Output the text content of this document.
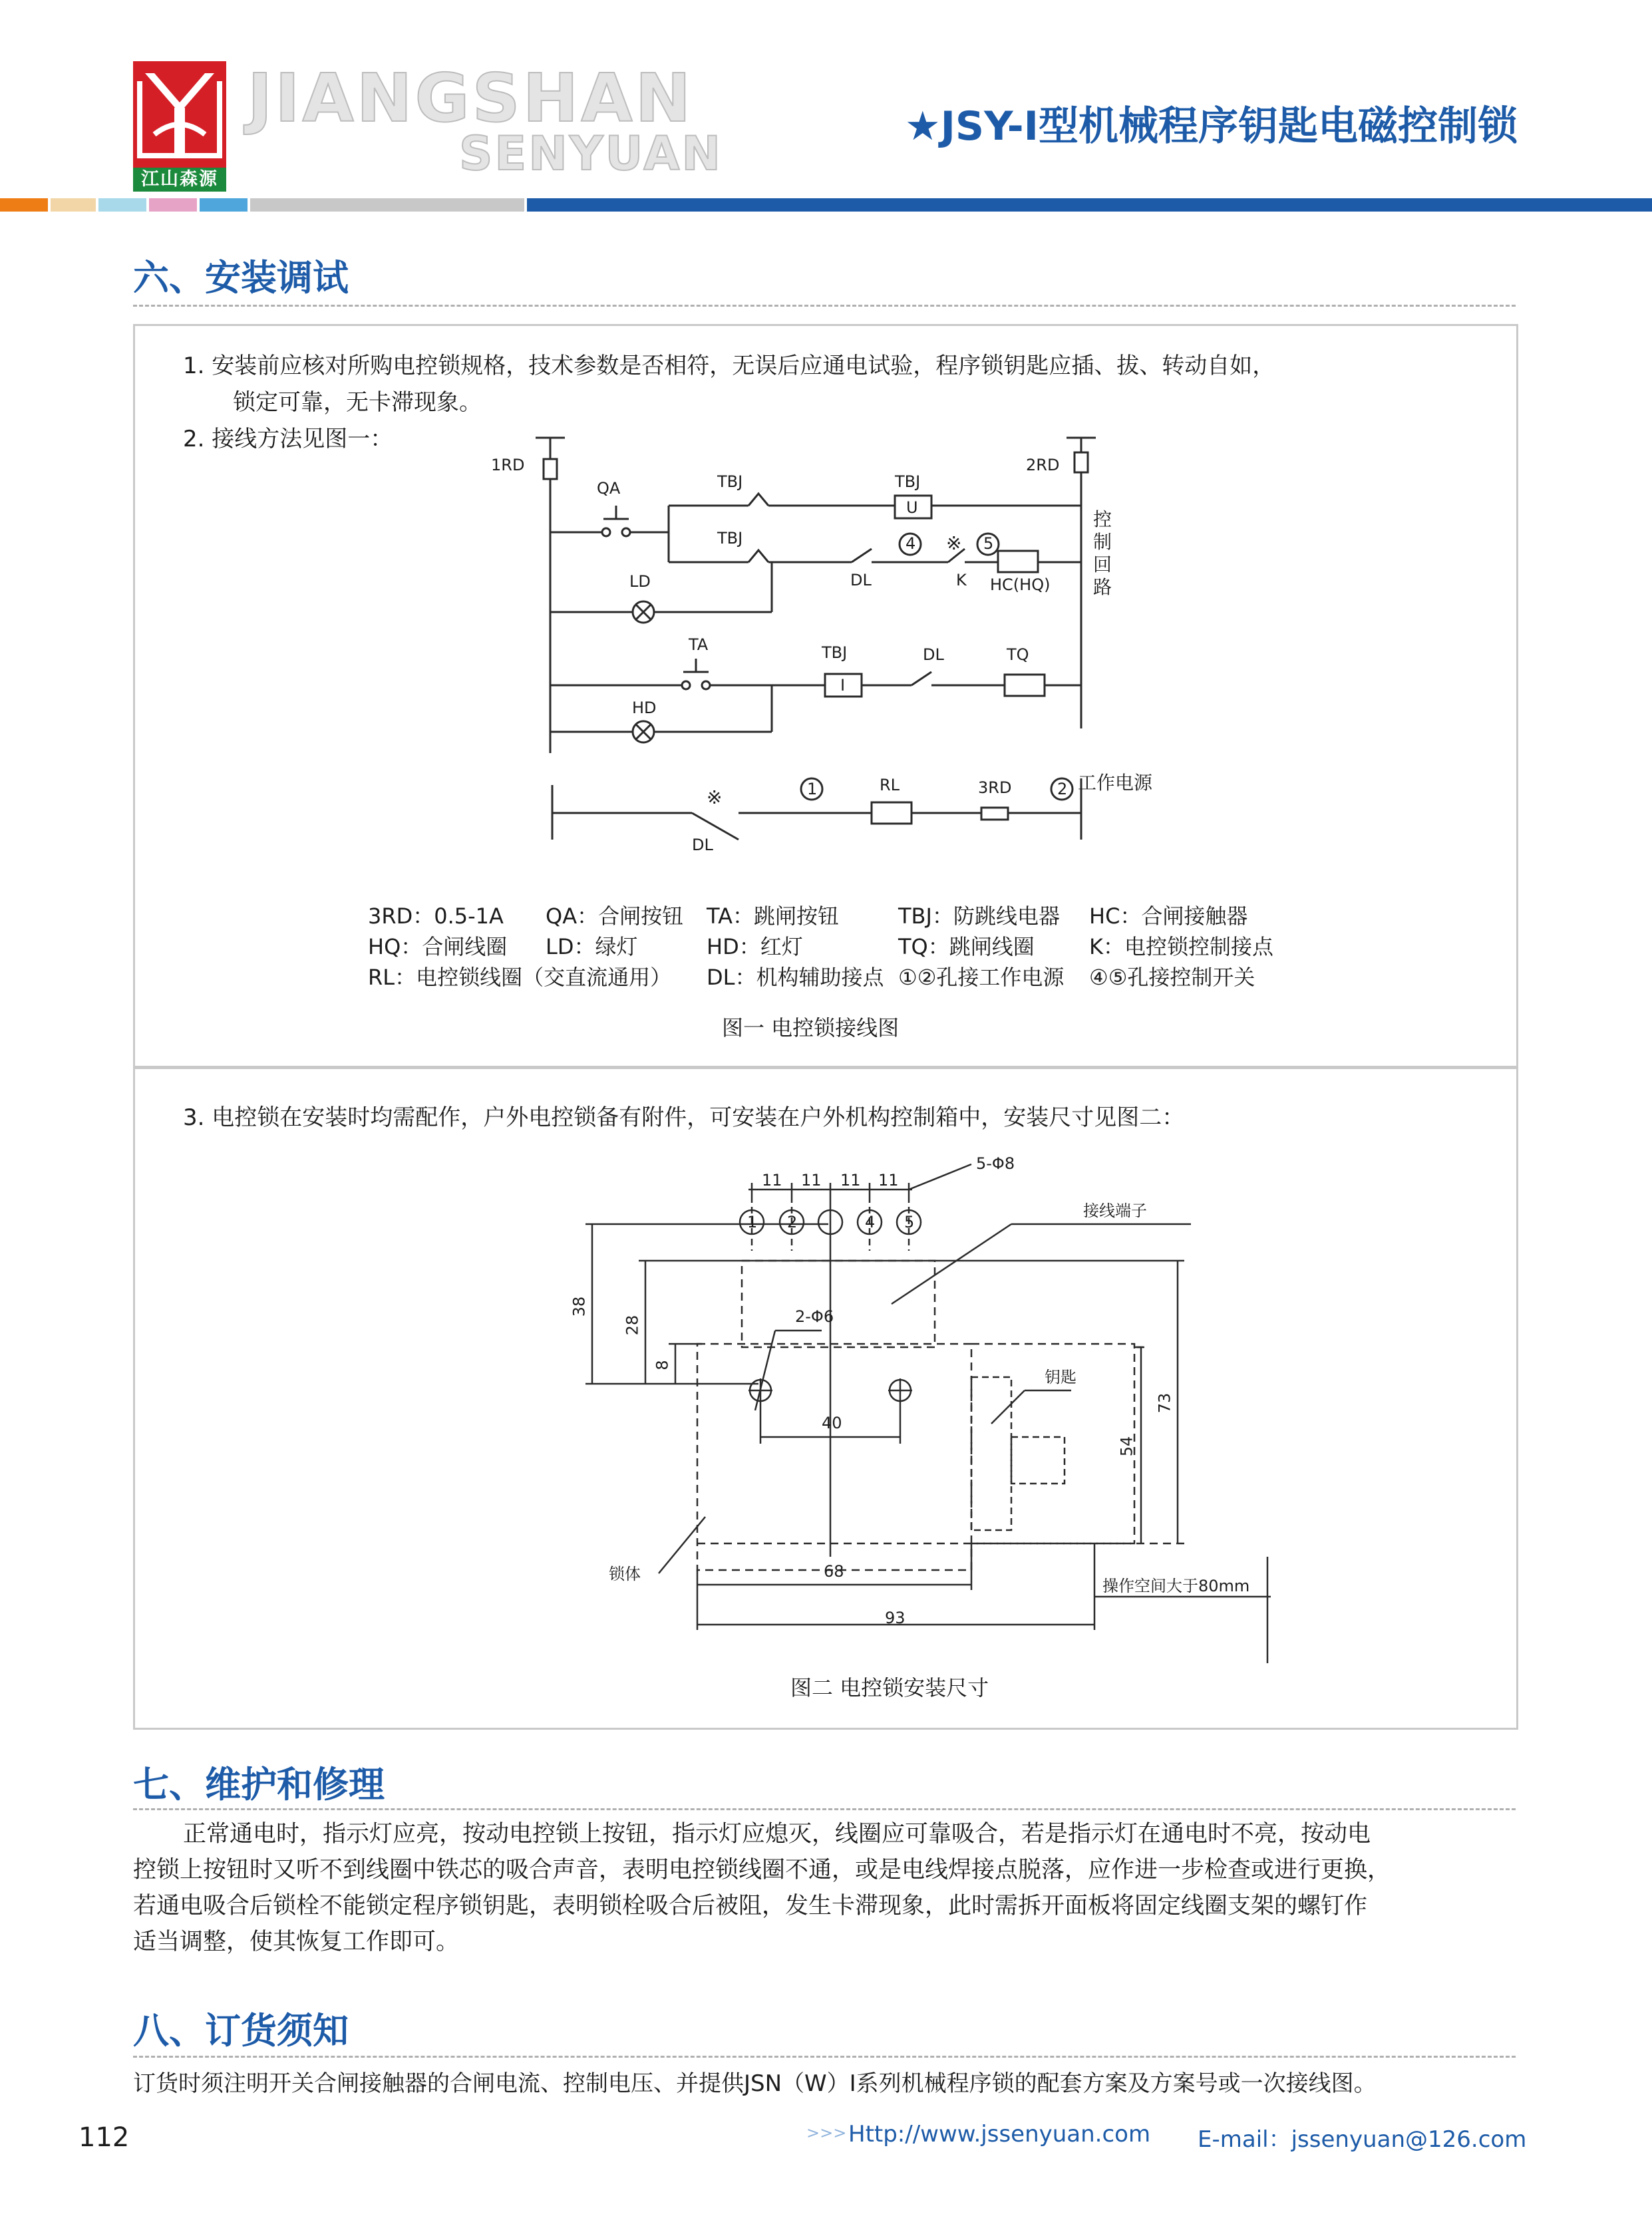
江山森源
JIANGSHAN
SENYUAN	★JSY-I型机械程序钥匙电磁控制锁
六、安装调试
1. 安装前应核对所购电控锁规格，技术参数是否相符，无误后应通电试验，程序锁钥匙应插、拔、转动自如，
锁定可靠，无卡滞现象。
2. 接线方法见图一：
1RD	2RD
QA	TBJ	TBJ
U
TBJ	4 ※ 5
DL	K HC(HQ)
控制回路
LD
TA	TBJ
I
DL	TQ
HD
※	1	RL	3RD	2 工作电源
DL
3RD：0.5-1A QA：合闸按钮 TA：跳闸按钮	TBJ：防跳线电器 HC：合闸接触器
HQ：合闸线圈 LD：绿灯	HD：红灯	TQ：跳闸线圈	K：电控锁控制接点
RL：电控锁线圈（交直流通用） DL：机构辅助接点 ①②孔接工作电源 ④⑤孔接控制开关
图一 电控锁接线图
3. 电控锁在安装时均需配作，户外电控锁备有附件，可安装在户外机构控制箱中，安装尺寸见图二：
11 11 11 11
5-Φ8
接线端子
1 2	4 5
38
28
8
2-Φ6
40
钥匙
73
54
锁体	68
操作空间大于80mm
93
图二 电控锁安装尺寸
七、维护和修理
正常通电时，指示灯应亮，按动电控锁上按钮，指示灯应熄灭，线圈应可靠吸合，若是指示灯在通电时不亮，按动电
控锁上按钮时又听不到线圈中铁芯的吸合声音，表明电控锁线圈不通，或是电线焊接点脱落，应作进一步检查或进行更换，
若通电吸合后锁栓不能锁定程序锁钥匙，表明锁栓吸合后被阻，发生卡滞现象，此时需拆开面板将固定线圈支架的螺钉作
适当调整，使其恢复工作即可。
八、订货须知
订货时须注明开关合闸接触器的合闸电流、控制电压、并提供JSN（W）I系列机械程序锁的配套方案及方案号或一次接线图。
112	>>> Http://www.jssenyuan.com E-mail：jssenyuan@126.com
